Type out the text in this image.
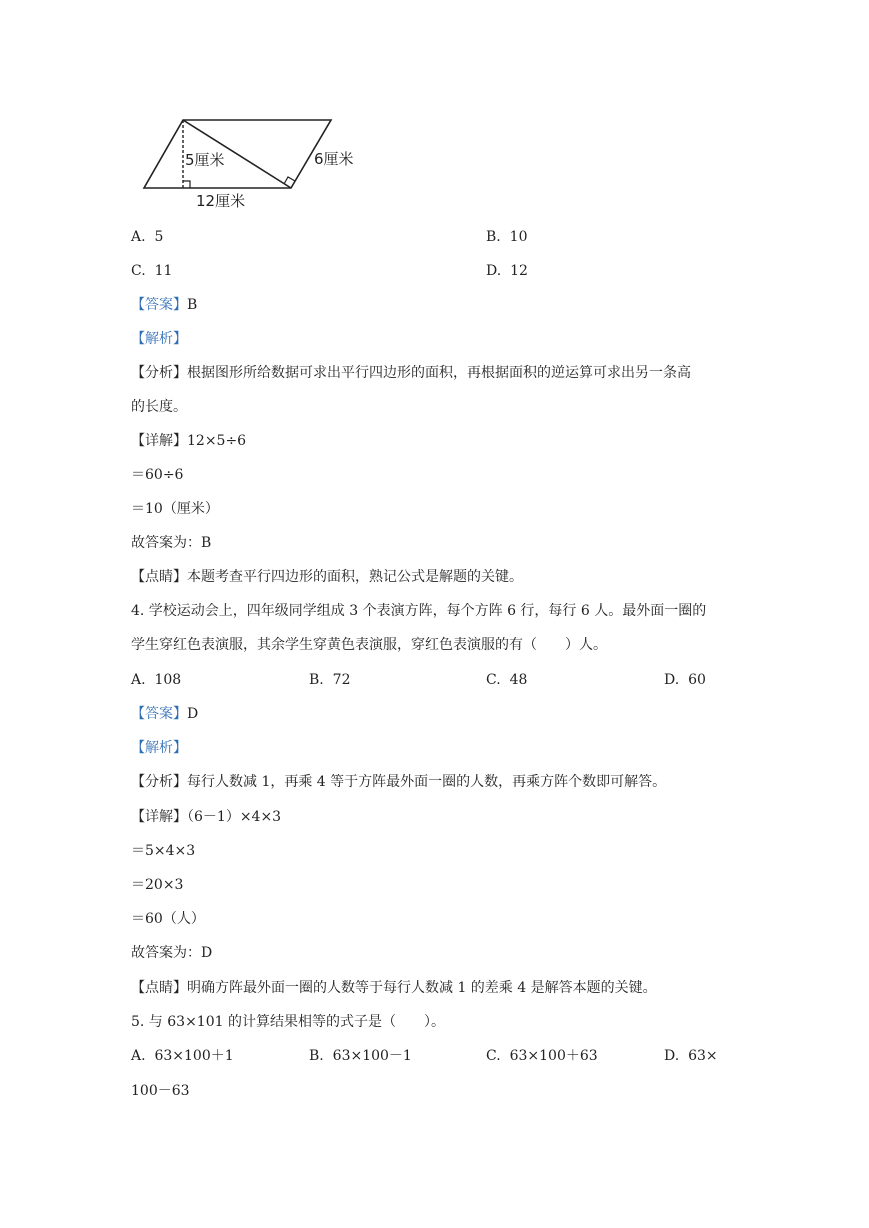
5厘米	6厘米
12厘米
A. 5	B. 10
C. 11	D. 12
【答案】B
【解析】
【分析】根据图形所给数据可求出平行四边形的面积，再根据面积的逆运算可求出另一条高
的长度。
【详解】12×5÷6
＝60÷6
＝10（厘米）
故答案为：B
【点睛】本题考查平行四边形的面积，熟记公式是解题的关键。
4. 学校运动会上，四年级同学组成 3 个表演方阵，每个方阵 6 行，每行 6 人。最外面一圈的
学生穿红色表演服，其余学生穿黄色表演服，穿红色表演服的有（　　）人。
A. 108	B. 72	C. 48	D. 60
【答案】D
【解析】
【分析】每行人数减 1，再乘 4 等于方阵最外面一圈的人数，再乘方阵个数即可解答。
【详解】（6－1）×4×3
＝5×4×3
＝20×3
＝60（人）
故答案为：D
【点睛】明确方阵最外面一圈的人数等于每行人数减 1 的差乘 4 是解答本题的关键。
5. 与 63×101 的计算结果相等的式子是（　　）。
A. 63×100＋1	B. 63×100－1	C. 63×100＋63	D. 63×
100－63
